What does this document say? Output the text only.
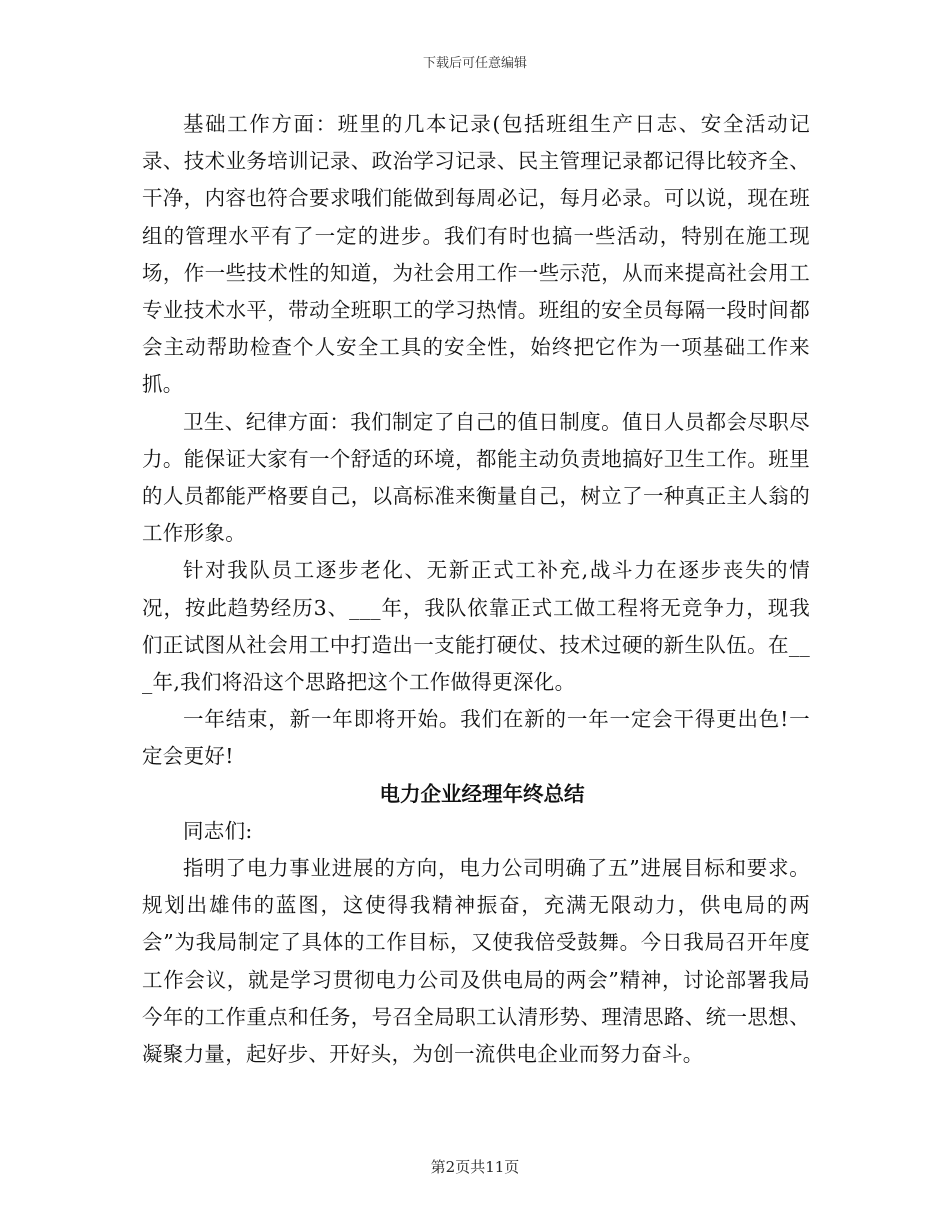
下载后可任意编辑

基础工作方面：班里的几本记录(包括班组生产日志、安全活动记录、技术业务培训记录、政治学习记录、民主管理记录都记得比较齐全、干净，内容也符合要求哦们能做到每周必记，每月必录。可以说，现在班组的管理水平有了一定的进步。我们有时也搞一些活动，特别在施工现场，作一些技术性的知道，为社会用工作一些示范，从而来提高社会用工专业技术水平，带动全班职工的学习热情。班组的安全员每隔一段时间都会主动帮助检查个人安全工具的安全性，始终把它作为一项基础工作来抓。

卫生、纪律方面：我们制定了自己的值日制度。值日人员都会尽职尽力。能保证大家有一个舒适的环境，都能主动负责地搞好卫生工作。班里的人员都能严格要自己，以高标准来衡量自己，树立了一种真正主人翁的工作形象。

针对我队员工逐步老化、无新正式工补充,战斗力在逐步丧失的情况，按此趋势经历3、___年，我队依靠正式工做工程将无竞争力，现我们正试图从社会用工中打造出一支能打硬仗、技术过硬的新生队伍。在___年,我们将沿这个思路把这个工作做得更深化。

一年结束，新一年即将开始。我们在新的一年一定会干得更出色!一定会更好!

电力企业经理年终总结

同志们:

指明了电力事业进展的方向，电力公司明确了五”进展目标和要求。规划出雄伟的蓝图，这使得我精神振奋，充满无限动力，供电局的两会”为我局制定了具体的工作目标，又使我倍受鼓舞。今日我局召开年度工作会议，就是学习贯彻电力公司及供电局的两会”精神，讨论部署我局今年的工作重点和任务，号召全局职工认清形势、理清思路、统一思想、凝聚力量，起好步、开好头，为创一流供电企业而努力奋斗。

第2页共11页
